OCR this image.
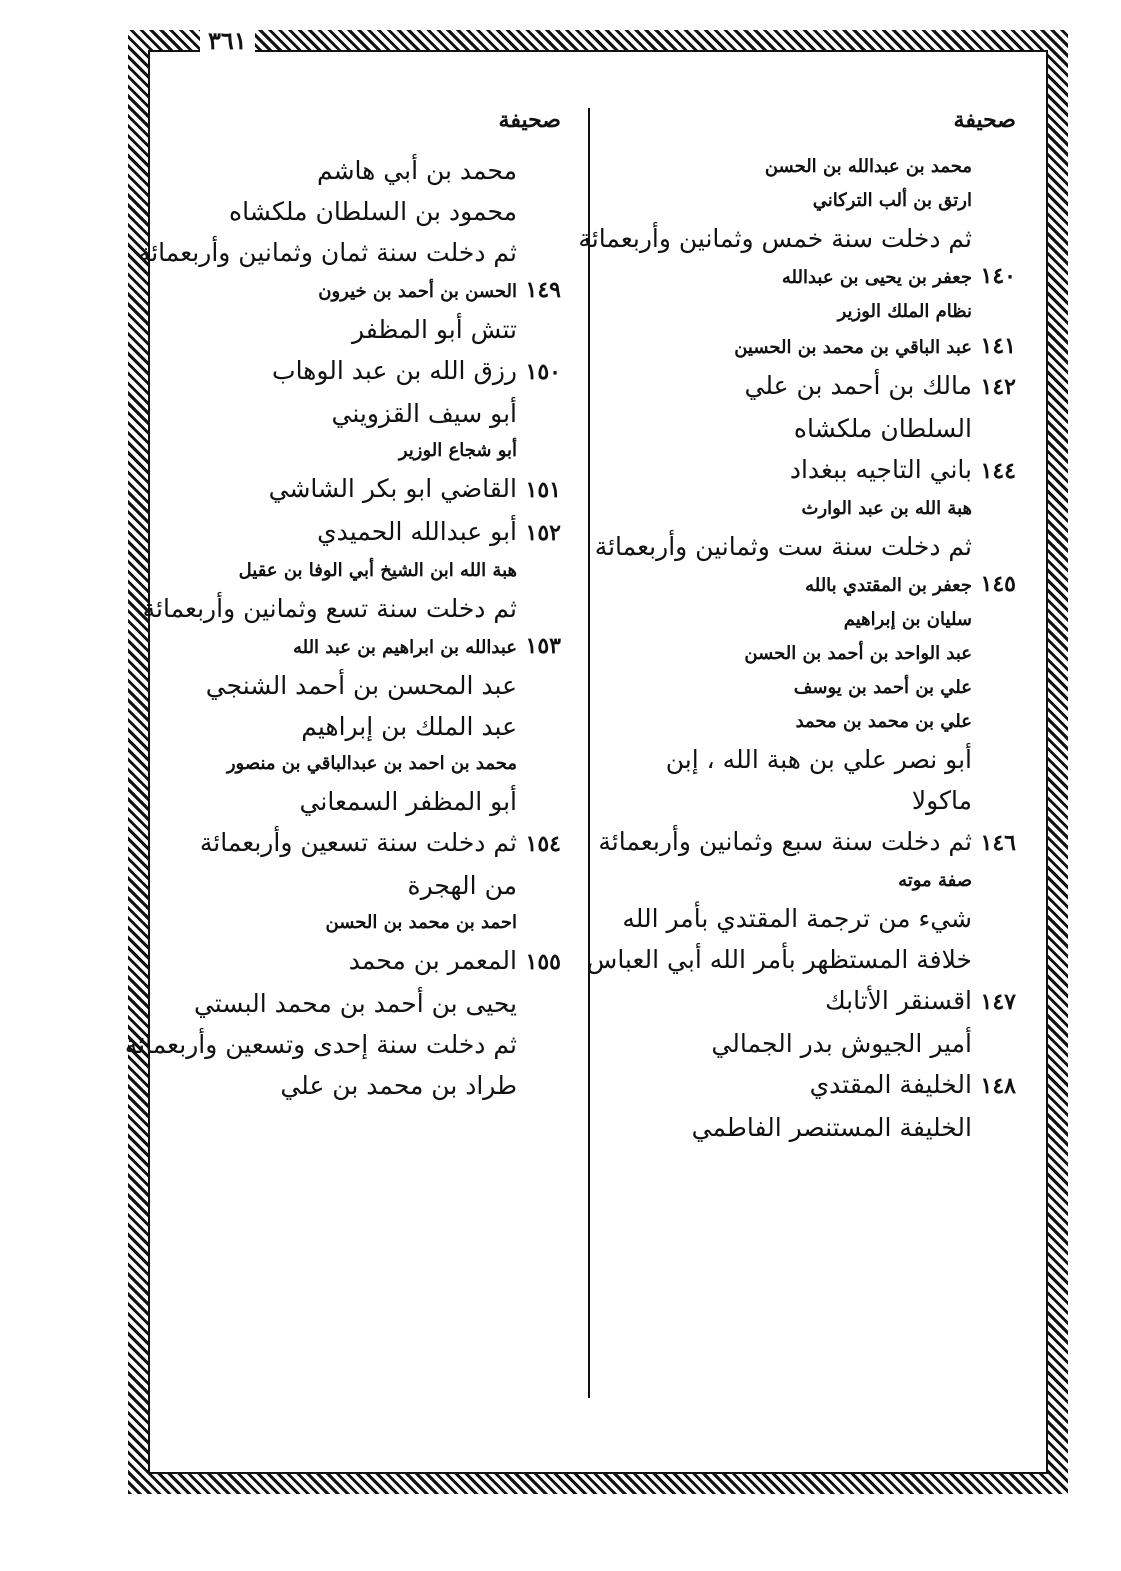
٣٦١
صحيفة
محمد بن عبدالله بن الحسن
ارتق بن ألب التركاني
ثم دخلت سنة خمس وثمانين وأربعمائة
١٤٠
جعفر بن يحيى بن عبدالله
نظام الملك الوزير
١٤١
عبد الباقي بن محمد بن الحسين
١٤٢
مالك بن أحمد بن علي
السلطان ملكشاه
١٤٤
باني التاجيه ببغداد
هبة الله بن عبد الوارث
ثم دخلت سنة ست وثمانين وأربعمائة
١٤٥
جعفر بن المقتدي بالله
سليان بن إبراهيم
عبد الواحد بن أحمد بن الحسن
علي بن أحمد بن يوسف
علي بن محمد بن محمد
أبو نصر علي بن هبة الله ، إبن
ماكولا
١٤٦
ثم دخلت سنة سبع وثمانين وأربعمائة
صفة موته
شيء من ترجمة المقتدي بأمر الله
خلافة المستظهر بأمر الله أبي العباس
١٤٧
اقسنقر الأتابك
أمير الجيوش بدر الجمالي
١٤٨
الخليفة المقتدي
الخليفة المستنصر الفاطمي
صحيفة
محمد بن أبي هاشم
محمود بن السلطان ملكشاه
ثم دخلت سنة ثمان وثمانين وأربعمائة
١٤٩
الحسن بن أحمد بن خيرون
تتش أبو المظفر
١٥٠
رزق الله بن عبد الوهاب
أبو سيف القزويني
أبو شجاع الوزير
١٥١
القاضي ابو بكر الشاشي
١٥٢
أبو عبدالله الحميدي
هبة الله ابن الشيخ أبي الوفا بن عقيل
ثم دخلت سنة تسع وثمانين وأربعمائة
١٥٣
عبدالله بن ابراهيم بن عبد الله
عبد المحسن بن أحمد الشنجي
عبد الملك بن إبراهيم
محمد بن احمد بن عبدالباقي بن منصور
أبو المظفر السمعاني
١٥٤
ثم دخلت سنة تسعين وأربعمائة
من الهجرة
احمد بن محمد بن الحسن
١٥٥
المعمر بن محمد
يحيى بن أحمد بن محمد البستي
ثم دخلت سنة إحدى وتسعين وأربعمائة
طراد بن محمد بن علي
